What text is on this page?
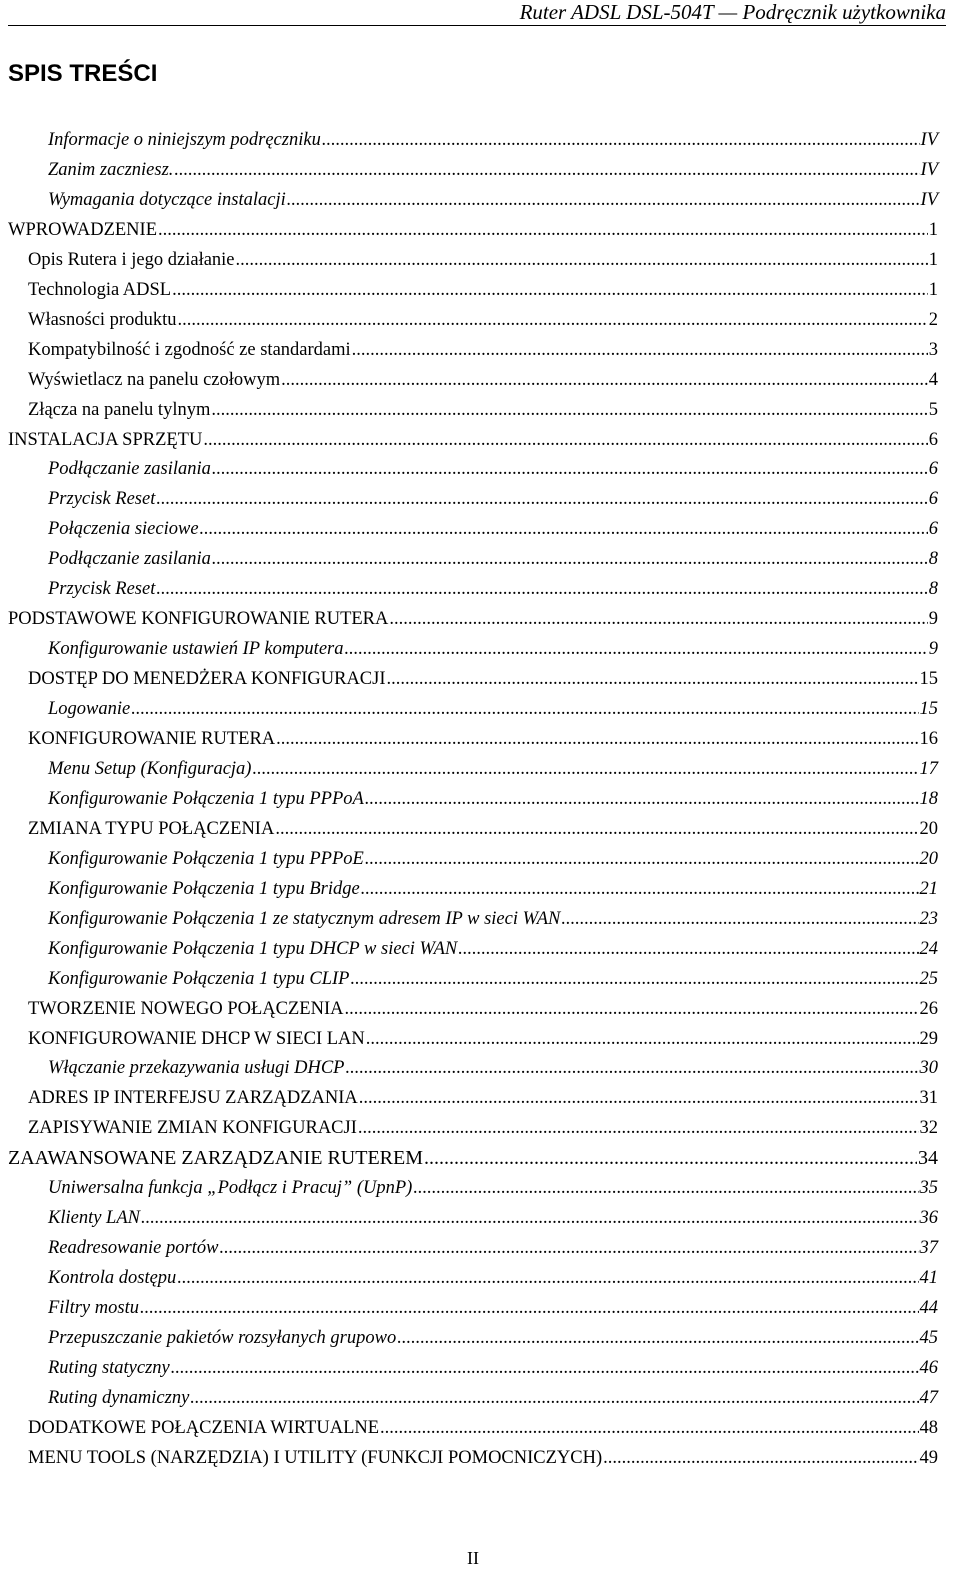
Ruter ADSL DSL-504T — Podręcznik użytkownika
SPIS TREŚCI
Informacje o niniejszym podręczniku .....	IV
Zanim zaczniesz. .....	IV
Wymagania dotyczące instalacji .....	IV
WPROWADZENIE .....	1
Opis Rutera i jego działanie .....	1
Technologia ADSL .....	1
Własności produktu .....	2
Kompatybilność i zgodność ze standardami .....	3
Wyświetlacz na panelu czołowym .....	4
Złącza na panelu tylnym .....	5
INSTALACJA SPRZĘTU .....	6
Podłączanie zasilania .....	6
Przycisk Reset .....	6
Połączenia sieciowe .....	6
Podłączanie zasilania .....	8
Przycisk Reset .....	8
PODSTAWOWE KONFIGUROWANIE RUTERA .....	9
Konfigurowanie ustawień IP komputera .....	9
DOSTĘP DO MENEDŻERA KONFIGURACJI .....	15
Logowanie .....	15
KONFIGUROWANIE RUTERA .....	16
Menu Setup (Konfiguracja) .....	17
Konfigurowanie Połączenia 1 typu PPPoA .....	18
ZMIANA TYPU POŁĄCZENIA .....	20
Konfigurowanie Połączenia 1 typu PPPoE .....	20
Konfigurowanie Połączenia 1 typu Bridge .....	21
Konfigurowanie Połączenia 1 ze statycznym adresem IP w sieci WAN .....	23
Konfigurowanie Połączenia 1 typu DHCP w sieci WAN .....	24
Konfigurowanie Połączenia 1 typu CLIP .....	25
TWORZENIE NOWEGO POŁĄCZENIA .....	26
KONFIGUROWANIE DHCP W SIECI LAN .....	29
Włączanie przekazywania usługi DHCP .....	30
ADRES IP INTERFEJSU ZARZĄDZANIA .....	31
ZAPISYWANIE ZMIAN KONFIGURACJI .....	32
ZAAWANSOWANE ZARZĄDZANIE RUTEREM .....	34
Uniwersalna funkcja „Podłącz i Pracuj” (UpnP) .....	35
Klienty LAN .....	36
Readresowanie portów .....	37
Kontrola dostępu .....	41
Filtry mostu .....	44
Przepuszczanie pakietów rozsyłanych grupowo .....	45
Ruting statyczny .....	46
Ruting dynamiczny .....	47
DODATKOWE POŁĄCZENIA WIRTUALNE .....	48
MENU TOOLS (NARZĘDZIA) I UTILITY (FUNKCJI POMOCNICZYCH) .....	49
II
